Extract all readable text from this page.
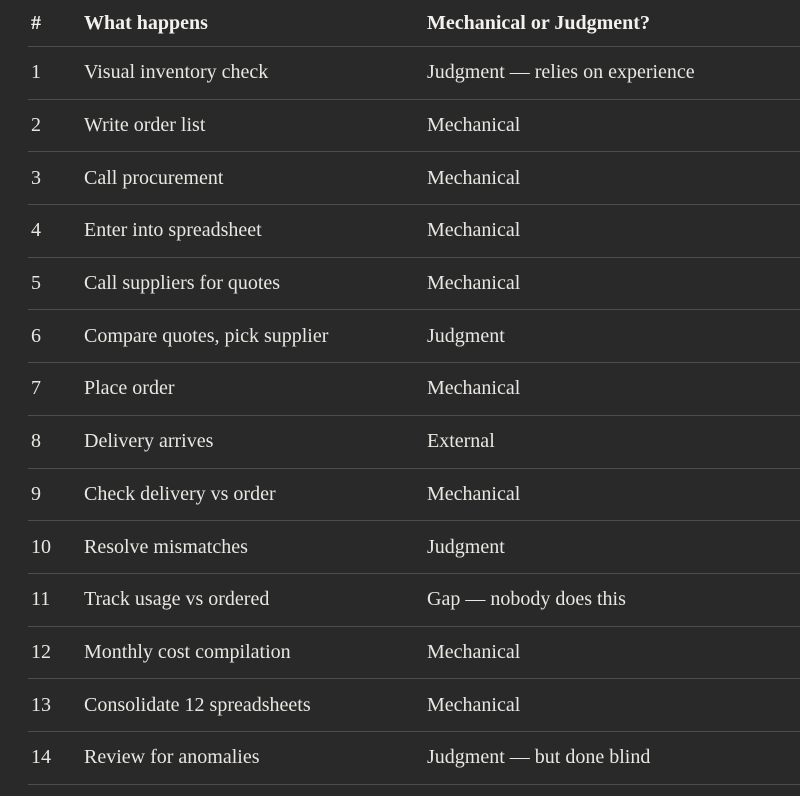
#	What happens	Mechanical or Judgment?
1	Visual inventory check	Judgment — relies on experience
2	Write order list	Mechanical
3	Call procurement	Mechanical
4	Enter into spreadsheet	Mechanical
5	Call suppliers for quotes	Mechanical
6	Compare quotes, pick supplier	Judgment
7	Place order	Mechanical
8	Delivery arrives	External
9	Check delivery vs order	Mechanical
10	Resolve mismatches	Judgment
11	Track usage vs ordered	Gap — nobody does this
12	Monthly cost compilation	Mechanical
13	Consolidate 12 spreadsheets	Mechanical
14	Review for anomalies	Judgment — but done blind
